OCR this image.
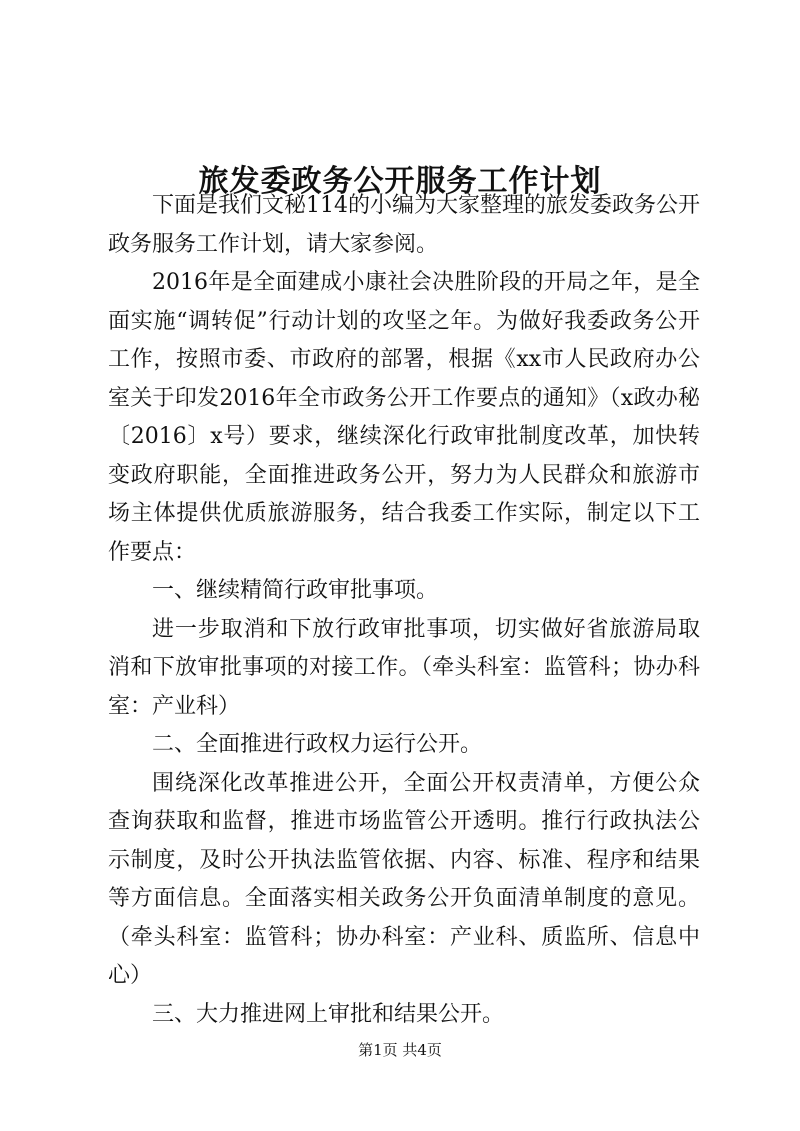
旅发委政务公开服务工作计划

下面是我们文秘114的小编为大家整理的旅发委政务公开政务服务工作计划，请大家参阅。

2016年是全面建成小康社会决胜阶段的开局之年，是全面实施“调转促”行动计划的攻坚之年。为做好我委政务公开工作，按照市委、市政府的部署，根据《xx市人民政府办公室关于印发2016年全市政务公开工作要点的通知》（x政办秘〔2016〕x号）要求，继续深化行政审批制度改革，加快转变政府职能，全面推进政务公开，努力为人民群众和旅游市场主体提供优质旅游服务，结合我委工作实际，制定以下工作要点：

一、继续精简行政审批事项。

进一步取消和下放行政审批事项，切实做好省旅游局取消和下放审批事项的对接工作。（牵头科室：监管科；协办科室：产业科）

二、全面推进行政权力运行公开。

围绕深化改革推进公开，全面公开权责清单，方便公众查询获取和监督，推进市场监管公开透明。推行行政执法公示制度，及时公开执法监管依据、内容、标准、程序和结果等方面信息。全面落实相关政务公开负面清单制度的意见。（牵头科室：监管科；协办科室：产业科、质监所、信息中心）

三、大力推进网上审批和结果公开。

第1页 共4页
